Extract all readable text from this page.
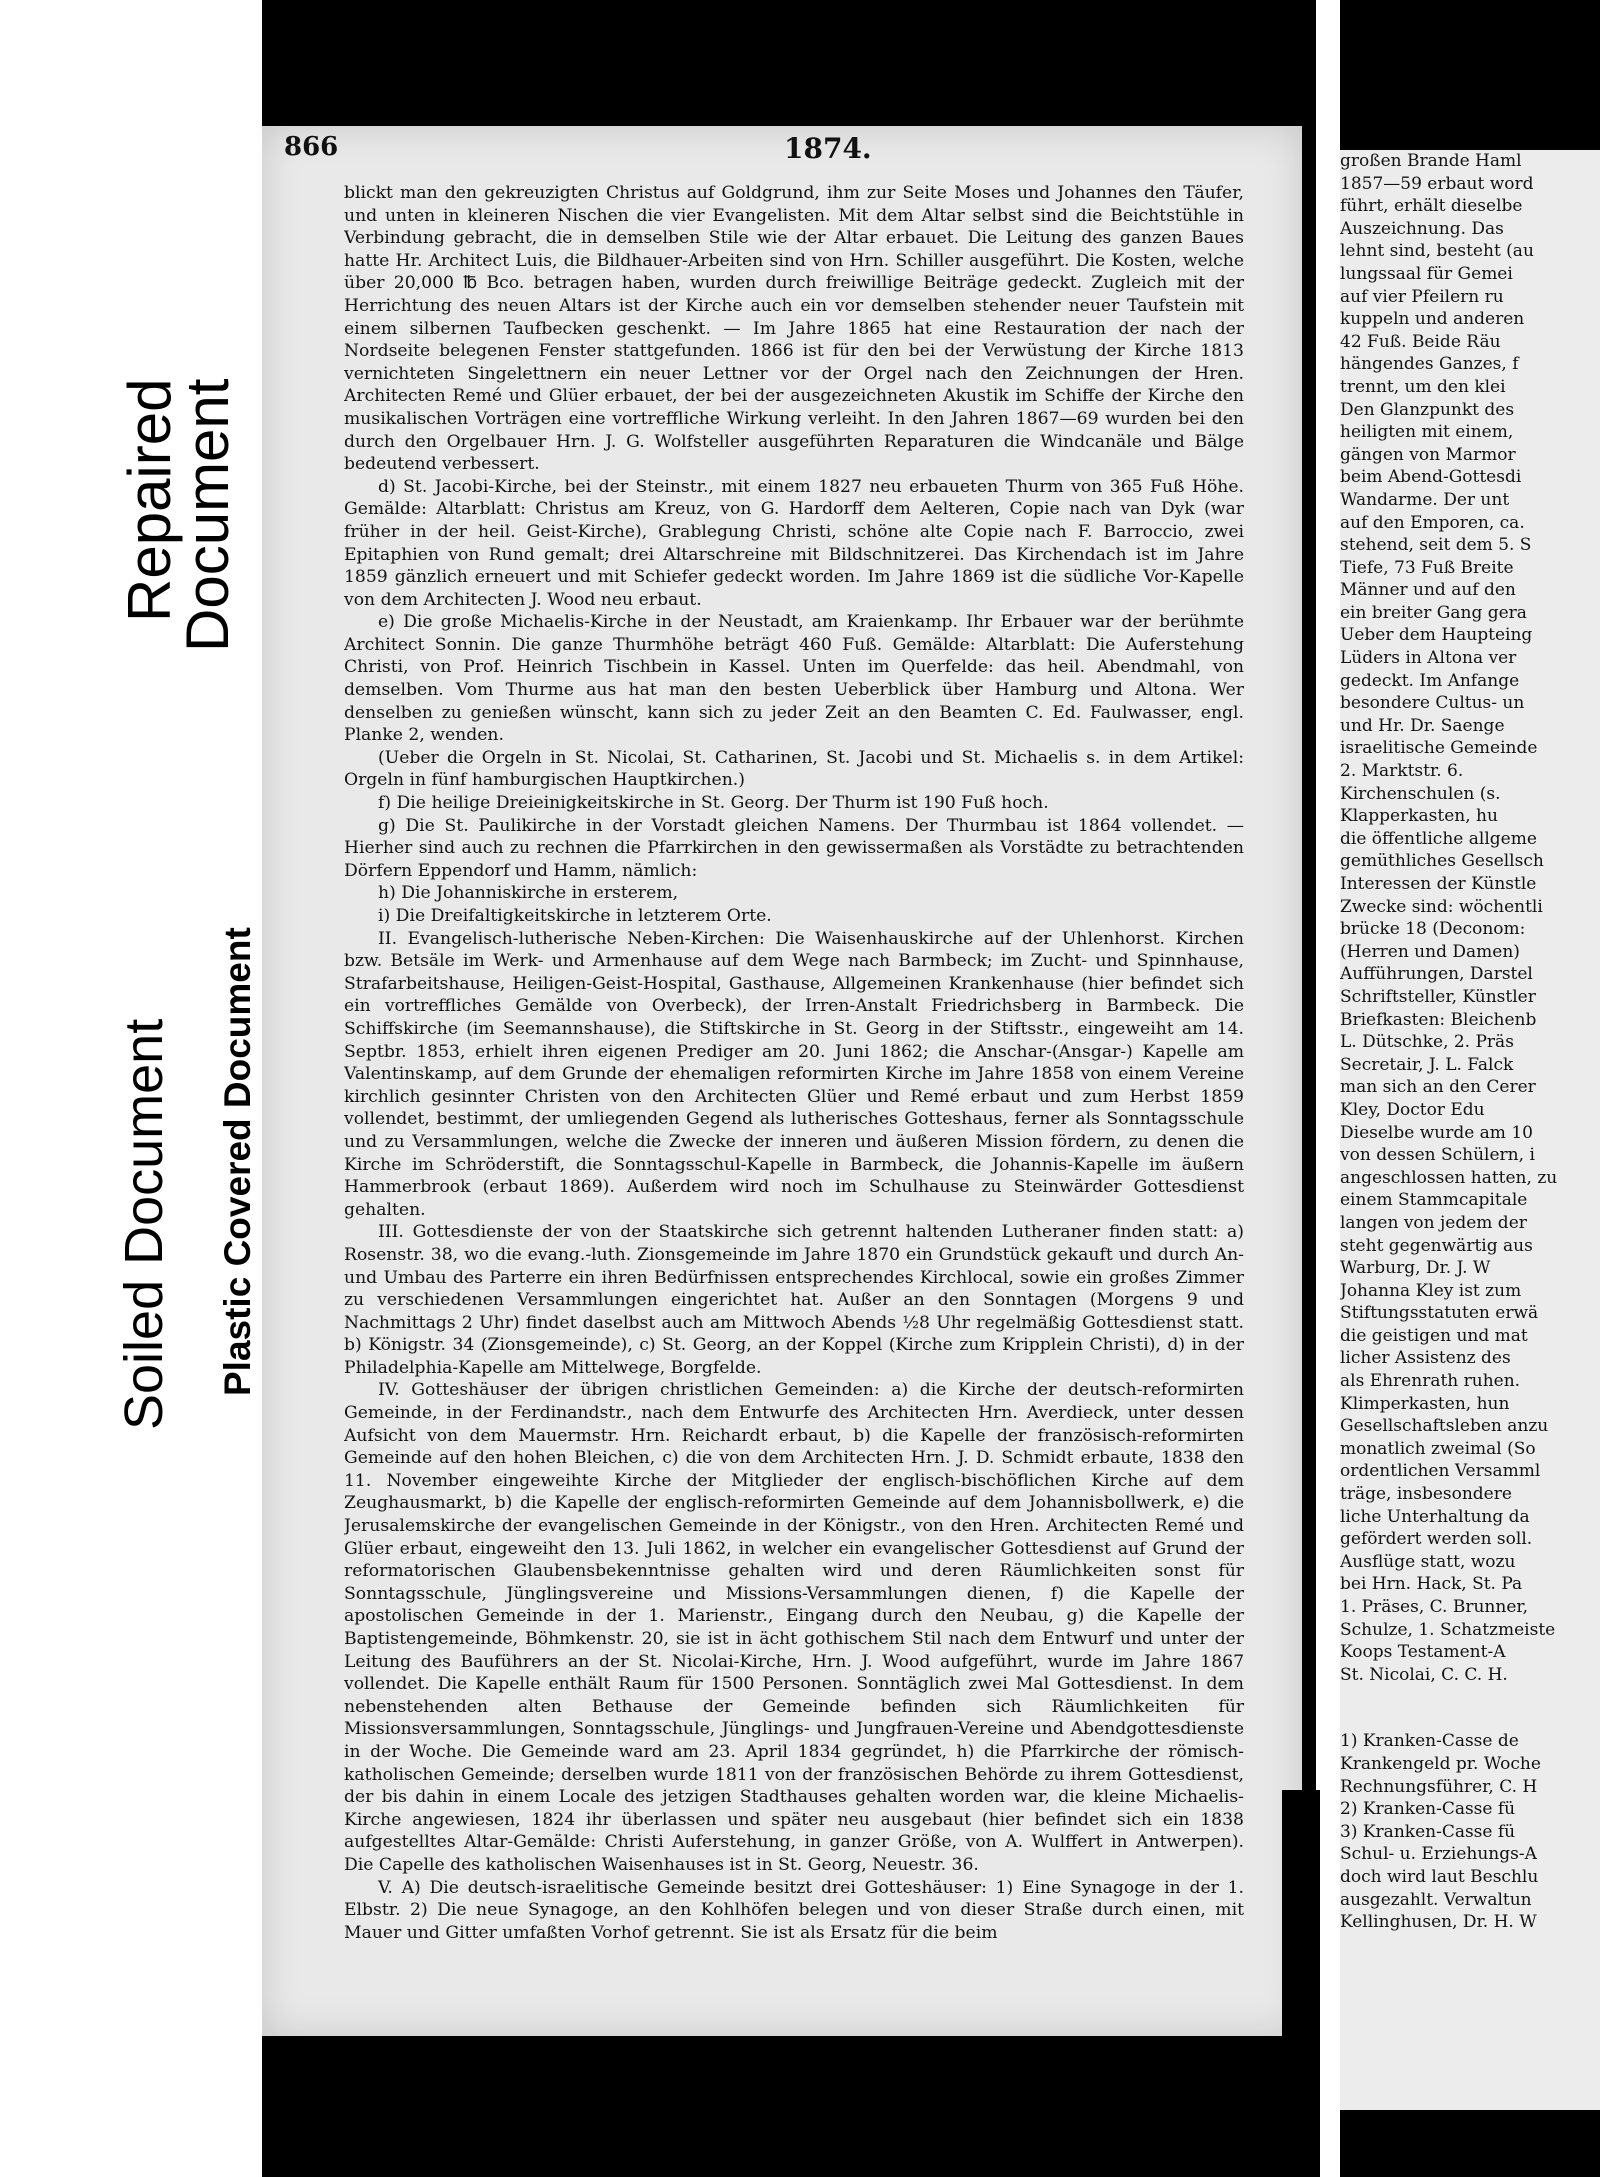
Repaired
Document
Soiled Document Plastic Covered Document
866	1874.

blickt man den gekreuzigten Christus auf Goldgrund, ihm zur Seite Moses und Johannes den Täufer, und unten in kleineren Nischen die vier Evangelisten. Mit dem Altar selbst sind die Beichtstühle in Verbindung gebracht, die in demselben Stile wie der Altar erbauet. Die Leitung des ganzen Baues hatte Hr. Architect Luis, die Bildhauer-Arbeiten sind von Hrn. Schiller ausgeführt. Die Kosten, welche über 20,000 ℔ Bco. betragen haben, wurden durch freiwillige Beiträge gedeckt. Zugleich mit der Herrichtung des neuen Altars ist der Kirche auch ein vor demselben stehender neuer Taufstein mit einem silbernen Taufbecken geschenkt. — Im Jahre 1865 hat eine Restauration der nach der Nordseite belegenen Fenster stattgefunden. 1866 ist für den bei der Verwüstung der Kirche 1813 vernichteten Singelettnern ein neuer Lettner vor der Orgel nach den Zeichnungen der Hren. Architecten Remé und Glüer erbauet, der bei der ausgezeichneten Akustik im Schiffe der Kirche den musikalischen Vorträgen eine vortreffliche Wirkung verleiht. In den Jahren 1867—69 wurden bei den durch den Orgelbauer Hrn. J. G. Wolfsteller ausgeführten Reparaturen die Windcanäle und Bälge bedeutend verbessert.

d) St. Jacobi-Kirche, bei der Steinstr., mit einem 1827 neu erbaueten Thurm von 365 Fuß Höhe. Gemälde: Altarblatt: Christus am Kreuz, von G. Hardorff dem Aelteren, Copie nach van Dyk (war früher in der heil. Geist-Kirche), Grablegung Christi, schöne alte Copie nach F. Barroccio, zwei Epitaphien von Rund gemalt; drei Altarschreine mit Bildschnitzerei. Das Kirchendach ist im Jahre 1859 gänzlich erneuert und mit Schiefer gedeckt worden. Im Jahre 1869 ist die südliche Vor-Kapelle von dem Architecten J. Wood neu erbaut.

e) Die große Michaelis-Kirche in der Neustadt, am Kraienkamp. Ihr Erbauer war der berühmte Architect Sonnin. Die ganze Thurmhöhe beträgt 460 Fuß. Gemälde: Altarblatt: Die Auferstehung Christi, von Prof. Heinrich Tischbein in Kassel. Unten im Querfelde: das heil. Abendmahl, von demselben. Vom Thurme aus hat man den besten Ueberblick über Hamburg und Altona. Wer denselben zu genießen wünscht, kann sich zu jeder Zeit an den Beamten C. Ed. Faulwasser, engl. Planke 2, wenden.

(Ueber die Orgeln in St. Nicolai, St. Catharinen, St. Jacobi und St. Michaelis s. in dem Artikel: Orgeln in fünf hamburgischen Hauptkirchen.)

f) Die heilige Dreieinigkeitskirche in St. Georg. Der Thurm ist 190 Fuß hoch.

g) Die St. Paulikirche in der Vorstadt gleichen Namens. Der Thurmbau ist 1864 vollendet. — Hierher sind auch zu rechnen die Pfarrkirchen in den gewissermaßen als Vorstädte zu betrachtenden Dörfern Eppendorf und Hamm, nämlich:

h) Die Johanniskirche in ersterem,

i) Die Dreifaltigkeitskirche in letzterem Orte.

II. Evangelisch-lutherische Neben-Kirchen: Die Waisenhauskirche auf der Uhlenhorst. Kirchen bzw. Betsäle im Werk- und Armenhause auf dem Wege nach Barmbeck; im Zucht- und Spinnhause, Strafarbeitshause, Heiligen-Geist-Hospital, Gasthause, Allgemeinen Krankenhause (hier befindet sich ein vortreffliches Gemälde von Overbeck), der Irren-Anstalt Friedrichsberg in Barmbeck. Die Schiffskirche (im Seemannshause), die Stiftskirche in St. Georg in der Stiftsstr., eingeweiht am 14. Septbr. 1853, erhielt ihren eigenen Prediger am 20. Juni 1862; die Anschar-(Ansgar-) Kapelle am Valentinskamp, auf dem Grunde der ehemaligen reformirten Kirche im Jahre 1858 von einem Vereine kirchlich gesinnter Christen von den Architecten Glüer und Remé erbaut und zum Herbst 1859 vollendet, bestimmt, der umliegenden Gegend als lutherisches Gotteshaus, ferner als Sonntagsschule und zu Versammlungen, welche die Zwecke der inneren und äußeren Mission fördern, zu denen die Kirche im Schröderstift, die Sonntagsschul-Kapelle in Barmbeck, die Johannis-Kapelle im äußern Hammerbrook (erbaut 1869). Außerdem wird noch im Schulhause zu Steinwärder Gottesdienst gehalten.

III. Gottesdienste der von der Staatskirche sich getrennt haltenden Lutheraner finden statt: a) Rosenstr. 38, wo die evang.-luth. Zionsgemeinde im Jahre 1870 ein Grundstück gekauft und durch An- und Umbau des Parterre ein ihren Bedürfnissen entsprechendes Kirchlocal, sowie ein großes Zimmer zu verschiedenen Versammlungen eingerichtet hat. Außer an den Sonntagen (Morgens 9 und Nachmittags 2 Uhr) findet daselbst auch am Mittwoch Abends ½8 Uhr regelmäßig Gottesdienst statt. b) Königstr. 34 (Zionsgemeinde), c) St. Georg, an der Koppel (Kirche zum Kripplein Christi), d) in der Philadelphia-Kapelle am Mittelwege, Borgfelde.

IV. Gotteshäuser der übrigen christlichen Gemeinden: a) die Kirche der deutsch-reformirten Gemeinde, in der Ferdinandstr., nach dem Entwurfe des Architecten Hrn. Averdieck, unter dessen Aufsicht von dem Mauermstr. Hrn. Reichardt erbaut, b) die Kapelle der französisch-reformirten Gemeinde auf den hohen Bleichen, c) die von dem Architecten Hrn. J. D. Schmidt erbaute, 1838 den 11. November eingeweihte Kirche der Mitglieder der englisch-bischöflichen Kirche auf dem Zeughausmarkt, b) die Kapelle der englisch-reformirten Gemeinde auf dem Johannisbollwerk, e) die Jerusalemskirche der evangelischen Gemeinde in der Königstr., von den Hren. Architecten Remé und Glüer erbaut, eingeweiht den 13. Juli 1862, in welcher ein evangelischer Gottesdienst auf Grund der reformatorischen Glaubensbekenntnisse gehalten wird und deren Räumlichkeiten sonst für Sonntagsschule, Jünglingsvereine und Missions-Versammlungen dienen, f) die Kapelle der apostolischen Gemeinde in der 1. Marienstr., Eingang durch den Neubau, g) die Kapelle der Baptistengemeinde, Böhmkenstr. 20, sie ist in ächt gothischem Stil nach dem Entwurf und unter der Leitung des Bauführers an der St. Nicolai-Kirche, Hrn. J. Wood aufgeführt, wurde im Jahre 1867 vollendet. Die Kapelle enthält Raum für 1500 Personen. Sonntäglich zwei Mal Gottesdienst. In dem nebenstehenden alten Bethause der Gemeinde befinden sich Räumlichkeiten für Missionsversammlungen, Sonntagsschule, Jünglings- und Jungfrauen-Vereine und Abendgottesdienste in der Woche. Die Gemeinde ward am 23. April 1834 gegründet, h) die Pfarrkirche der römisch-katholischen Gemeinde; derselben wurde 1811 von der französischen Behörde zu ihrem Gottesdienst, der bis dahin in einem Locale des jetzigen Stadthauses gehalten worden war, die kleine Michaelis-Kirche angewiesen, 1824 ihr überlassen und später neu ausgebaut (hier befindet sich ein 1838 aufgestelltes Altar-Gemälde: Christi Auferstehung, in ganzer Größe, von A. Wulffert in Antwerpen). Die Capelle des katholischen Waisenhauses ist in St. Georg, Neuestr. 36.

V. A) Die deutsch-israelitische Gemeinde besitzt drei Gotteshäuser: 1) Eine Synagoge in der 1. Elbstr. 2) Die neue Synagoge, an den Kohlhöfen belegen und von dieser Straße durch einen, mit Mauer und Gitter umfaßten Vorhof getrennt. Sie ist als Ersatz für die beim

großen Brande Haml
1857—59 erbaut word
führt, erhält dieselbe
Auszeichnung. Das
lehnt sind, besteht (au
lungssaal für Gemei
auf vier Pfeilern ru
kuppeln und anderen
42 Fuß. Beide Räu
hängendes Ganzes, f
trennt, um den klei
Den Glanzpunkt des
heiligten mit einem,
gängen von Marmor
beim Abend-Gottesdi
Wandarme. Der unt
auf den Emporen, ca.
stehend, seit dem 5. S
Tiefe, 73 Fuß Breite
Männer und auf den
ein breiter Gang gera
Ueber dem Haupteing
Lüders in Altona ver
gedeckt. Im Anfange
besondere Cultus- un
und Hr. Dr. Saenge
israelitische Gemeinde
2. Marktstr. 6.
Kirchenschulen (s.
Klapperkasten, hu
die öffentliche allgeme
gemüthliches Gesellsch
Interessen der Künstle
Zwecke sind: wöchentli
brücke 18 (Deconom:
(Herren und Damen)
Aufführungen, Darstel
Schriftsteller, Künstler
Briefkasten: Bleichenb
L. Dütschke, 2. Präs
Secretair, J. L. Falck
man sich an den Cerer
Kley, Doctor Edu
Dieselbe wurde am 10
von dessen Schülern, i
angeschlossen hatten, zu
einem Stammcapitale
langen von jedem der
steht gegenwärtig aus
Warburg, Dr. J. W
Johanna Kley ist zum
Stiftungsstatuten erwä
die geistigen und mat
licher Assistenz des
als Ehrenrath ruhen.
Klimperkasten, hun
Gesellschaftsleben anzu
monatlich zweimal (So
ordentlichen Versamml
träge, insbesondere
liche Unterhaltung da
gefördert werden soll.
Ausflüge statt, wozu
bei Hrn. Hack, St. Pa
1. Präses, C. Brunner,
Schulze, 1. Schatzmeiste
Koops Testament-A
St. Nicolai, C. C. H.
1) Kranken-Casse de
Krankengeld pr. Woche
Rechnungsführer, C. H
2) Kranken-Casse fü
3) Kranken-Casse fü
Schul- u. Erziehungs-A
doch wird laut Beschlu
ausgezahlt. Verwaltun
Kellinghusen, Dr. H. W
